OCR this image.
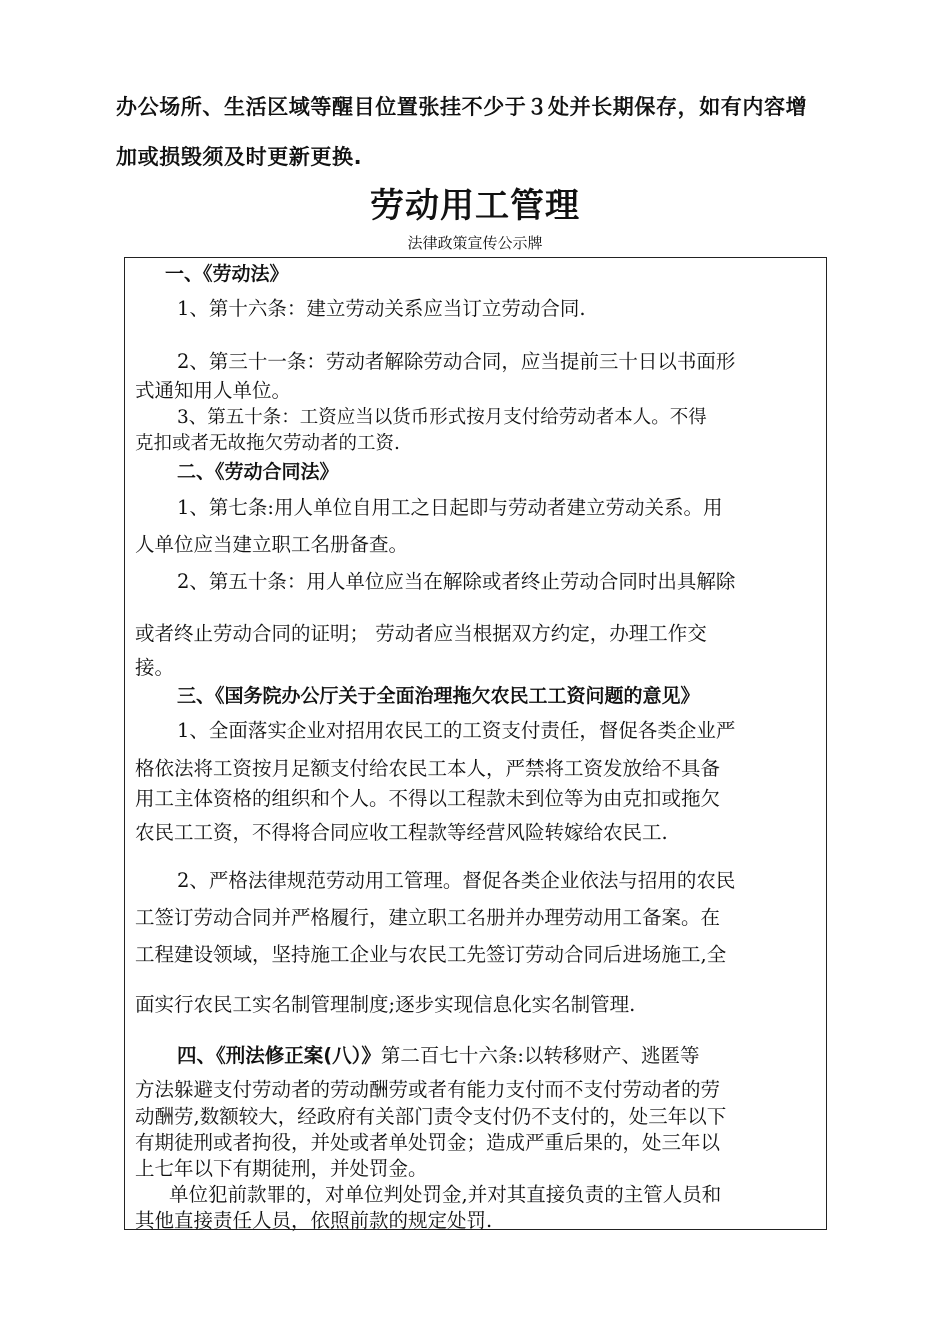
办公场所、生活区域等醒目位置张挂不少于３处并长期保存，如有内容增
加或损毁须及时更新更换.
劳动用工管理
法律政策宣传公示牌
一、《劳动法》
1、第十六条：建立劳动关系应当订立劳动合同.
2、第三十一条：劳动者解除劳动合同，应当提前三十日以书面形
式通知用人单位。
3、第五十条：工资应当以货币形式按月支付给劳动者本人。不得
克扣或者无故拖欠劳动者的工资.
二、《劳动合同法》
1、第七条:用人单位自用工之日起即与劳动者建立劳动关系。用
人单位应当建立职工名册备查。
2、第五十条：用人单位应当在解除或者终止劳动合同时出具解除
或者终止劳动合同的证明； 劳动者应当根据双方约定，办理工作交
接。
三、《国务院办公厅关于全面治理拖欠农民工工资问题的意见》
1、全面落实企业对招用农民工的工资支付责任，督促各类企业严
格依法将工资按月足额支付给农民工本人，严禁将工资发放给不具备
用工主体资格的组织和个人。不得以工程款未到位等为由克扣或拖欠
农民工工资，不得将合同应收工程款等经营风险转嫁给农民工.
2、严格法律规范劳动用工管理。督促各类企业依法与招用的农民
工签订劳动合同并严格履行，建立职工名册并办理劳动用工备案。在
工程建设领域，坚持施工企业与农民工先签订劳动合同后进场施工,全
面实行农民工实名制管理制度;逐步实现信息化实名制管理.
四、《刑法修正案(八）》第二百七十六条:以转移财产、逃匿等
方法躲避支付劳动者的劳动酬劳或者有能力支付而不支付劳动者的劳
动酬劳,数额较大，经政府有关部门责令支付仍不支付的，处三年以下
有期徒刑或者拘役，并处或者单处罚金；造成严重后果的，处三年以
上七年以下有期徒刑，并处罚金。
单位犯前款罪的，对单位判处罚金,并对其直接负责的主管人员和
其他直接责任人员，依照前款的规定处罚.
